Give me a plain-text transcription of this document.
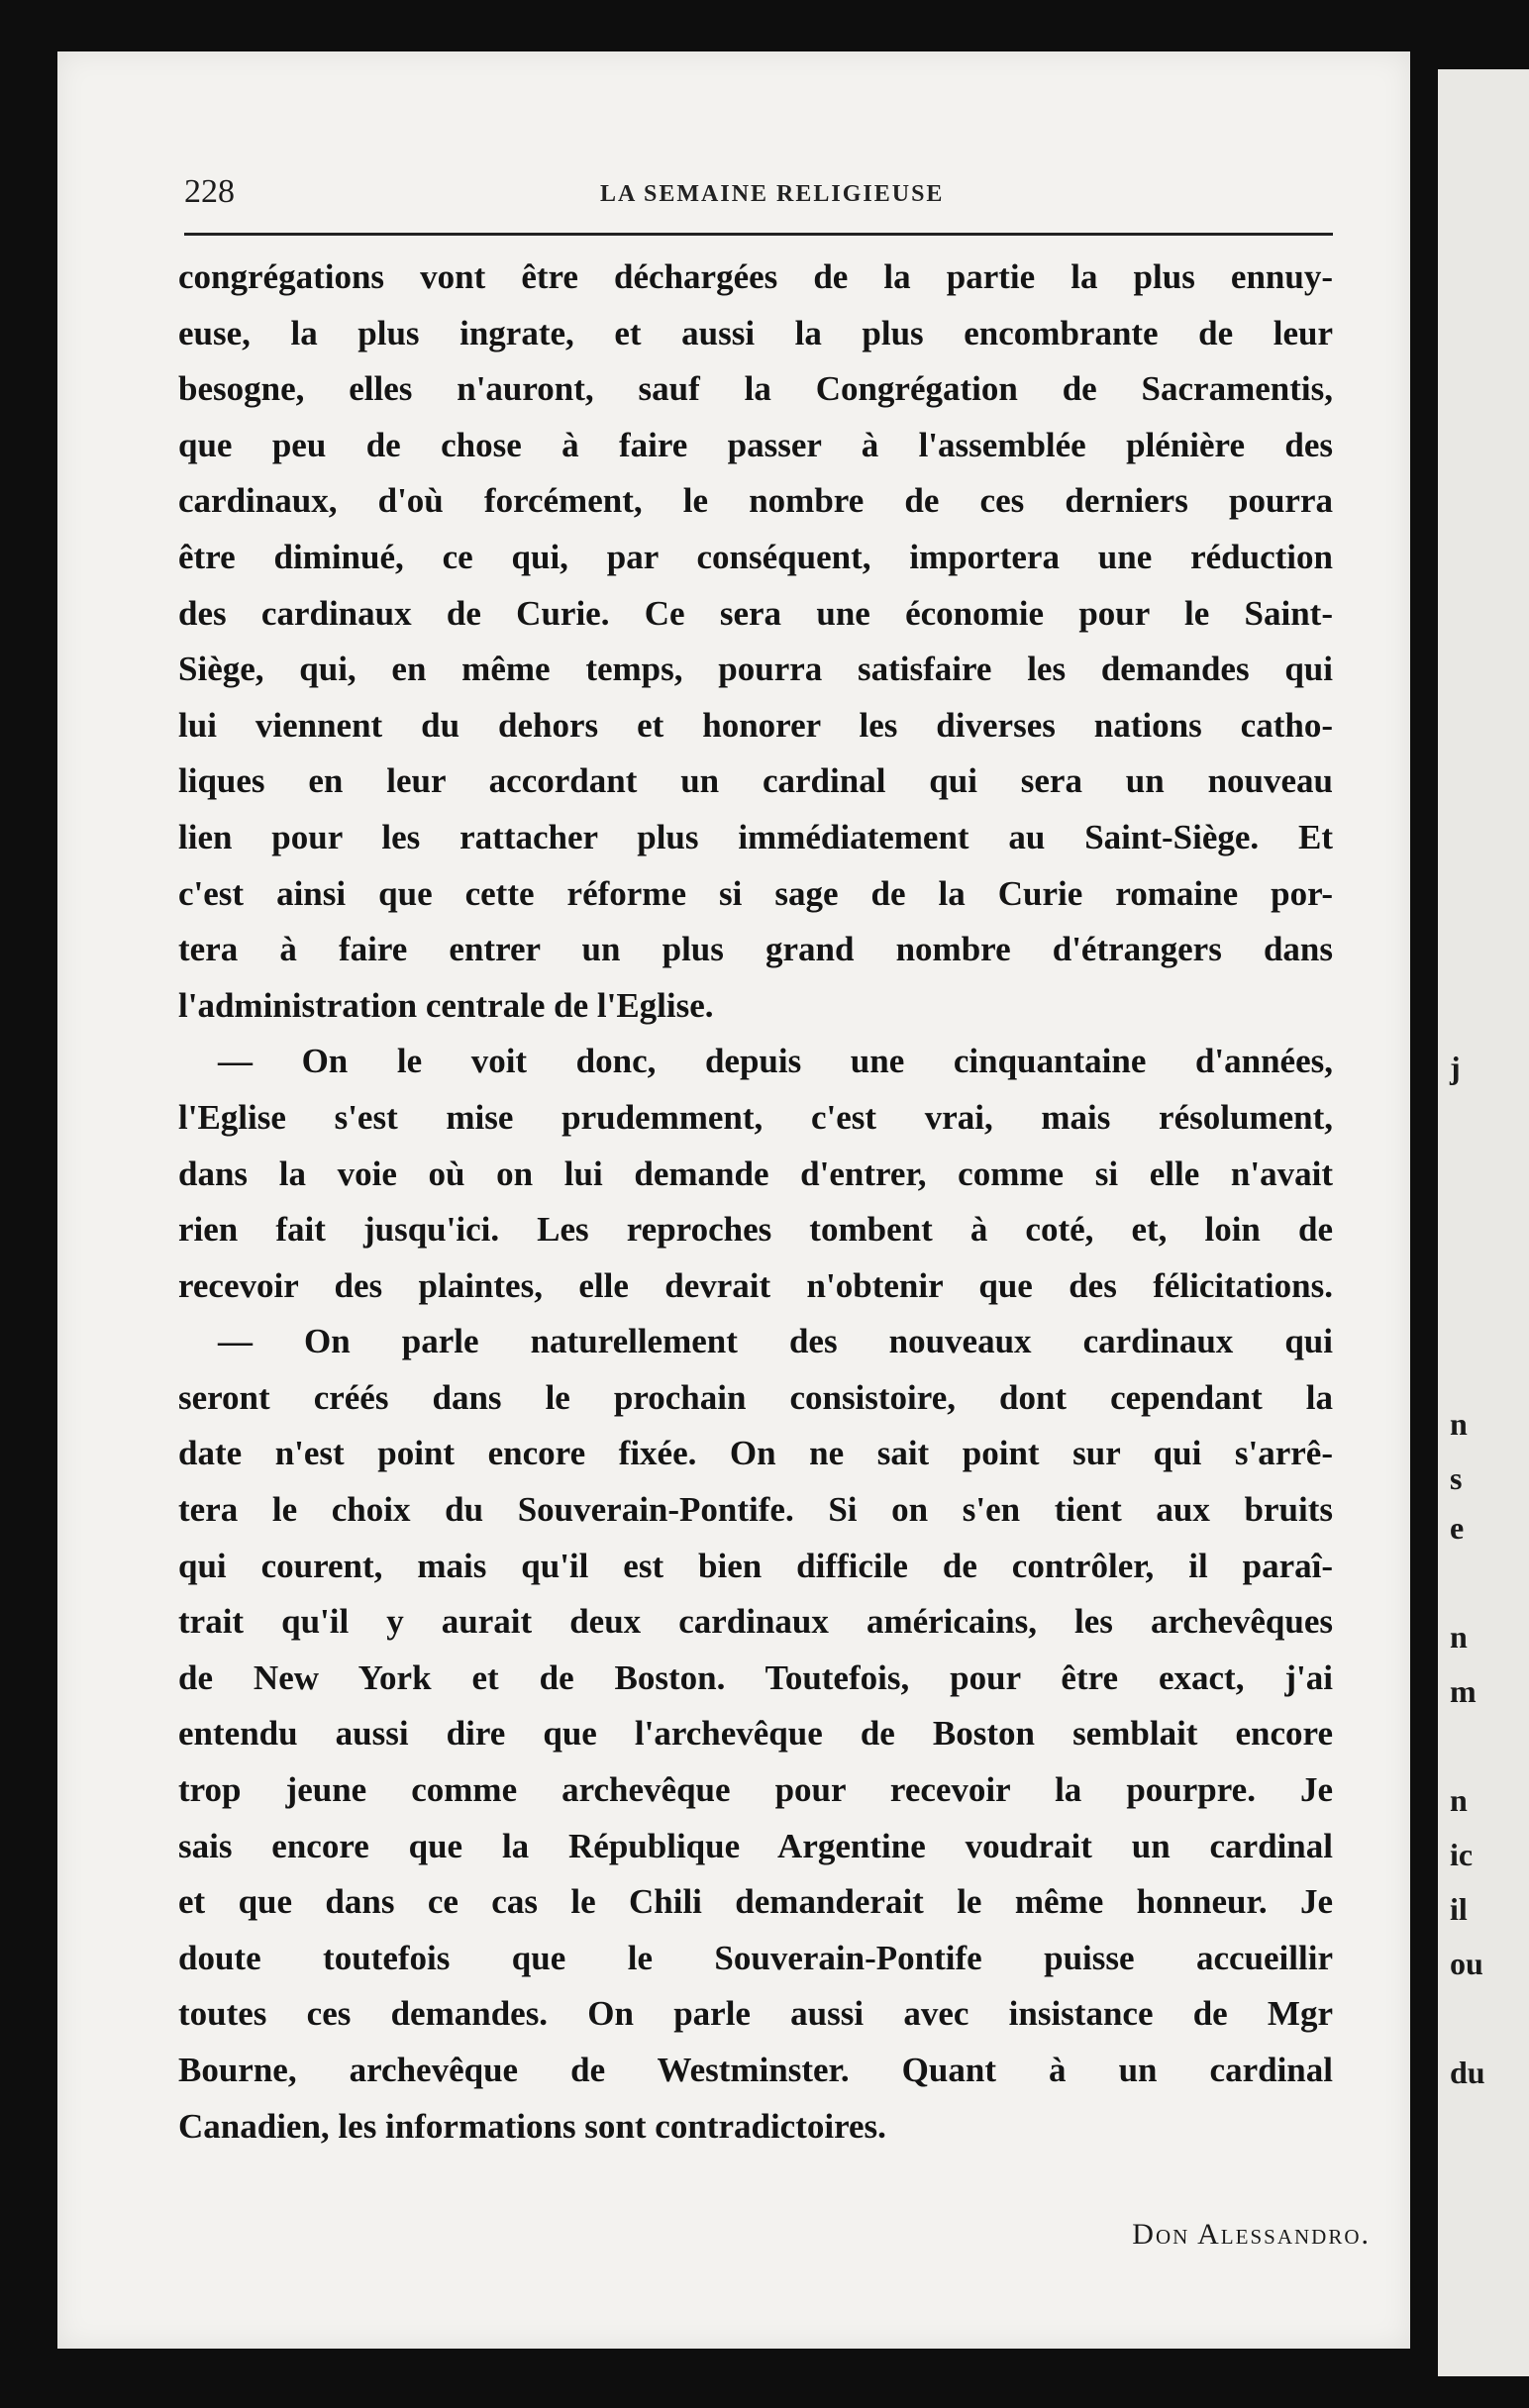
j
n
s
e
n
m
n
ic
il
ou
du
228	LA SEMAINE RELIGIEUSE
congrégations vont être déchargées de la partie la plus ennuy-
euse, la plus ingrate, et aussi la plus encombrante de leur
besogne, elles n'auront, sauf la Congrégation de Sacramentis,
que peu de chose à faire passer à l'assemblée plénière des
cardinaux, d'où forcément, le nombre de ces derniers pourra
être diminué, ce qui, par conséquent, importera une réduction
des cardinaux de Curie. Ce sera une économie pour le Saint-
Siège, qui, en même temps, pourra satisfaire les demandes qui
lui viennent du dehors et honorer les diverses nations catho-
liques en leur accordant un cardinal qui sera un nouveau
lien pour les rattacher plus immédiatement au Saint-Siège. Et
c'est ainsi que cette réforme si sage de la Curie romaine por-
tera à faire entrer un plus grand nombre d'étrangers dans
l'administration centrale de l'Eglise.
— On le voit donc, depuis une cinquantaine d'années,
l'Eglise s'est mise prudemment, c'est vrai, mais résolument,
dans la voie où on lui demande d'entrer, comme si elle n'avait
rien fait jusqu'ici. Les reproches tombent à coté, et, loin de
recevoir des plaintes, elle devrait n'obtenir que des félicitations.
— On parle naturellement des nouveaux cardinaux qui
seront créés dans le prochain consistoire, dont cependant la
date n'est point encore fixée. On ne sait point sur qui s'arrê-
tera le choix du Souverain-Pontife. Si on s'en tient aux bruits
qui courent, mais qu'il est bien difficile de contrôler, il paraî-
trait qu'il y aurait deux cardinaux américains, les archevêques
de New York et de Boston. Toutefois, pour être exact, j'ai
entendu aussi dire que l'archevêque de Boston semblait encore
trop jeune comme archevêque pour recevoir la pourpre. Je
sais encore que la République Argentine voudrait un cardinal
et que dans ce cas le Chili demanderait le même honneur. Je
doute toutefois que le Souverain-Pontife puisse accueillir
toutes ces demandes. On parle aussi avec insistance de Mgr
Bourne, archevêque de Westminster. Quant à un cardinal
Canadien, les informations sont contradictoires.
Don Alessandro.
